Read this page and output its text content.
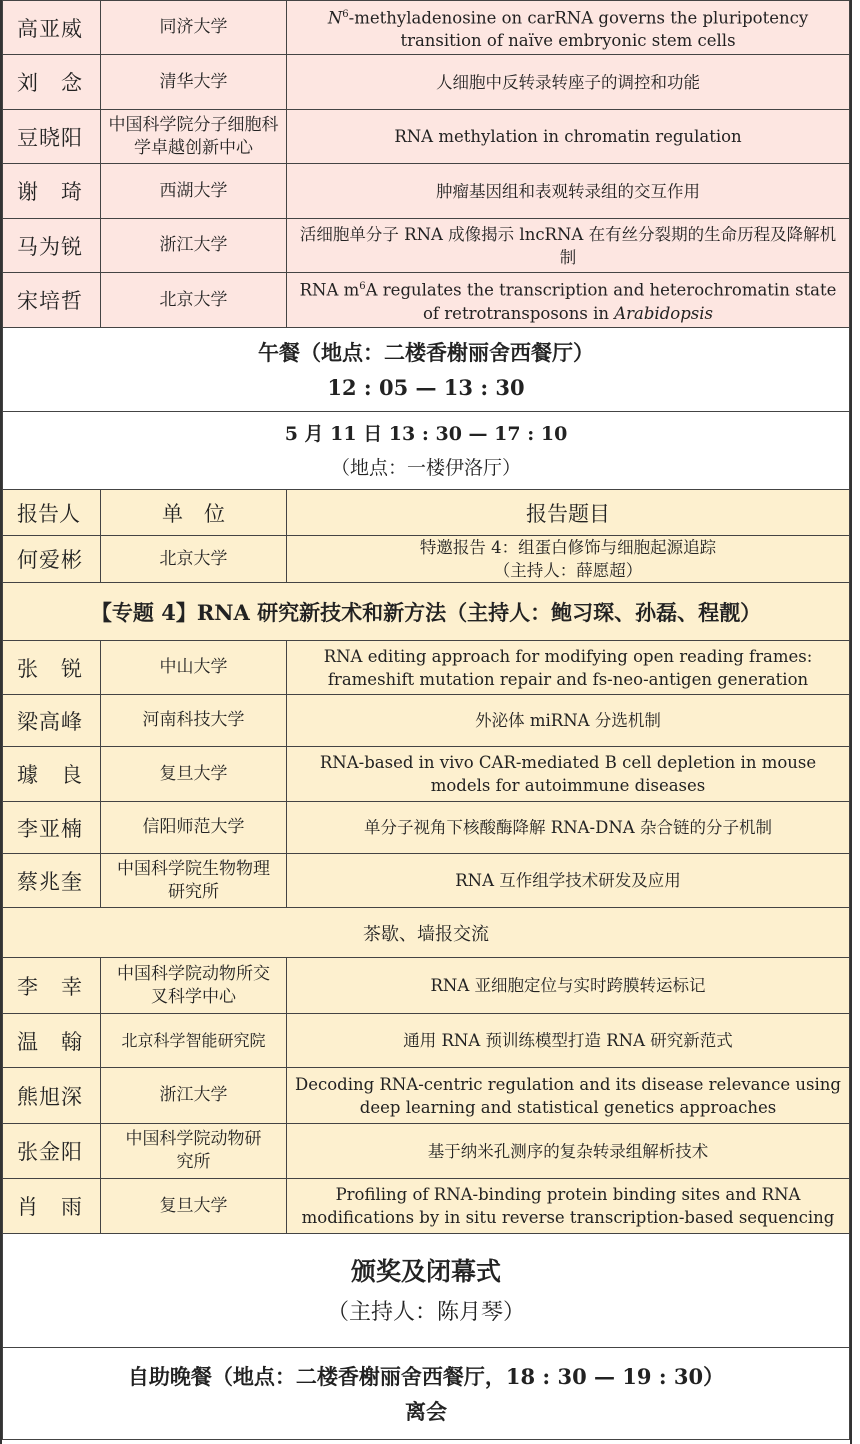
高亚威	同济大学	$N^6$-methyladenosine on carRNA governs the pluripotency transition of naïve embryonic stem cells
刘　念	清华大学	人细胞中反转录转座子的调控和功能
豆晓阳	中国科学院分子细胞科学卓越创新中心	RNA methylation in chromatin regulation
谢　琦	西湖大学	肿瘤基因组和表观转录组的交互作用
马为锐	浙江大学	活细胞单分子 RNA 成像揭示 lncRNA 在有丝分裂期的生命历程及降解机制
宋培哲	北京大学	RNA $m^6A$ regulates the transcription and heterochromatin state of retrotransposons in Arabidopsis

午餐（地点：二楼香榭丽舍西餐厅）
12 : 05 — 13 : 30		

5 月 11 日 13 : 30 — 17 : 10
（地点：一楼伊洛厅）		

报告人	单　位	报告题目
何爱彬	北京大学	特邀报告 4：组蛋白修饰与细胞起源追踪
（主持人：薛愿超）

【专题 4】RNA 研究新技术和新方法（主持人：鲍习琛、孙磊、程靓）		
张　锐	中山大学	RNA editing approach for modifying open reading frames: frameshift mutation repair and fs-neo-antigen generation
梁高峰	河南科技大学	外泌体 miRNA 分选机制
璩　良	复旦大学	RNA-based in vivo CAR-mediated B cell depletion in mouse models for autoimmune diseases
李亚楠	信阳师范大学	单分子视角下核酸酶降解 RNA-DNA 杂合链的分子机制
蔡兆奎	中国科学院生物物理研究所	RNA 互作组学技术研发及应用
茶歇、墙报交流		
李　幸	中国科学院动物所交叉科学中心	RNA 亚细胞定位与实时跨膜转运标记
温　翰	北京科学智能研究院	通用 RNA 预训练模型打造 RNA 研究新范式
熊旭深	浙江大学	Decoding RNA-centric regulation and its disease relevance using deep learning and statistical genetics approaches
张金阳	中国科学院动物研究所	基于纳米孔测序的复杂转录组解析技术
肖　雨	复旦大学	Profiling of RNA-binding protein binding sites and RNA modifications by in situ reverse transcription-based sequencing

颁奖及闭幕式
（主持人：陈月琴）		

自助晚餐（地点：二楼香榭丽舍西餐厅，18 : 30 — 19 : 30）
离会		
